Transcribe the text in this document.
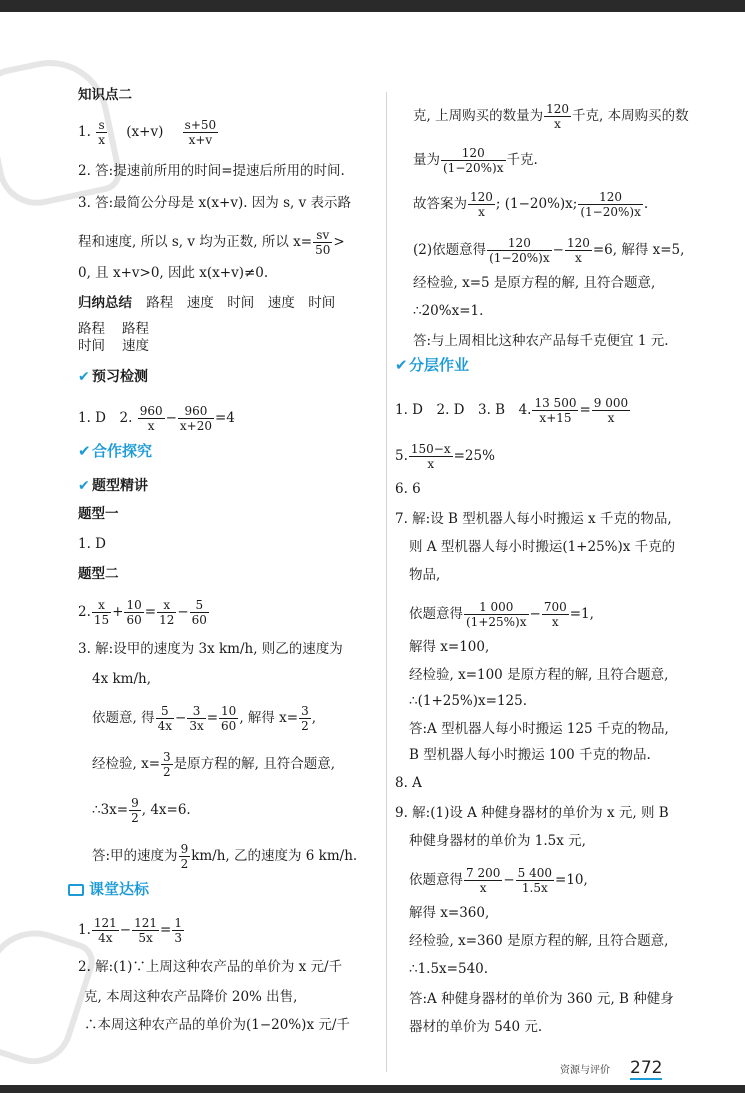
知识点二
1. $\frac{s}{x} (x+v) \frac{s+50}{x+v}$
2. 答:提速前所用的时间=提速后所用的时间.
3. 答:最简公分母是 x(x+v). 因为 s, v 表示路
程和速度, 所以 s, v 均为正数, 所以 $x= \frac{sv}{50}$ >
0, 且 x+v>0, 因此 x(x+v)≠0.
归纳总结 路程　速度　时间　速度　时间
路程
时间
路程
速度
✔ 预习检测
1. D　2. $\frac{960}{x} - \frac{960}{x+20} =4$
✔合作探究
✔ 题型精讲
题型一
1. D
题型二
2. $\frac{x}{15} + \frac{10}{60} = \frac{x}{12} - \frac{5}{60}$
3. 解:设甲的速度为 3x km/h, 则乙的速度为
4x km/h,
依题意, 得 $\frac{5}{4x} - \frac{3}{3x} = \frac{10}{60}$ , 解得 $x= \frac{3}{2}$ ,
经检验, $x= \frac{3}{2}$ 是原方程的解, 且符合题意,
∴3x= $\frac{9}{2}$ , 4x=6.
答:甲的速度为 $\frac{9}{2} km/h$, 乙的速度为 6 km/h.
课堂达标
1. $\frac{121}{4x} - \frac{121}{5x} = \frac{1}{3}$
2. 解:(1)∵上周这种农产品的单价为 x 元/千
克, 本周这种农产品降价 20% 出售,
∴本周这种农产品的单价为(1−20%)x 元/千
克, 上周购买的数量为 $\frac{120}{x}$ 千克, 本周购买的数
量为 $\frac{120}{(1-20\%)x}$ 千克.
故答案为 $\frac{120}{x}$ ; (1−20%)x; $\frac{120}{(1-20\%)x}$ .
(2)依题意得 $\frac{120}{(1-20\%)x} - \frac{120}{x} =6$, 解得 x=5,
经检验, x=5 是原方程的解, 且符合题意,
∴20%x=1.
答:与上周相比这种农产品每千克便宜 1 元.
✔分层作业
1. D　2. D　3. B　4. $\frac{13 500}{x+15} = \frac{9 000}{x}$
5. $\frac{150-x}{x} =25\%$
6. 6
7. 解:设 B 型机器人每小时搬运 x 千克的物品,
则 A 型机器人每小时搬运(1+25%)x 千克的
物品,
依题意得 $\frac{1 000}{(1+25\%)x} - \frac{700}{x} =1$,
解得 x=100,
经检验, x=100 是原方程的解, 且符合题意,
∴(1+25%)x=125.
答:A 型机器人每小时搬运 125 千克的物品,
B 型机器人每小时搬运 100 千克的物品.
8. A
9. 解:(1)设 A 种健身器材的单价为 x 元, 则 B
种健身器材的单价为 1.5x 元,
依题意得 $\frac{7 200}{x} - \frac{5 400}{1.5x} =10$,
解得 x=360,
经检验, x=360 是原方程的解, 且符合题意,
∴1.5x=540.
答:A 种健身器材的单价为 360 元, B 种健身
器材的单价为 540 元.
资源与评价 272
